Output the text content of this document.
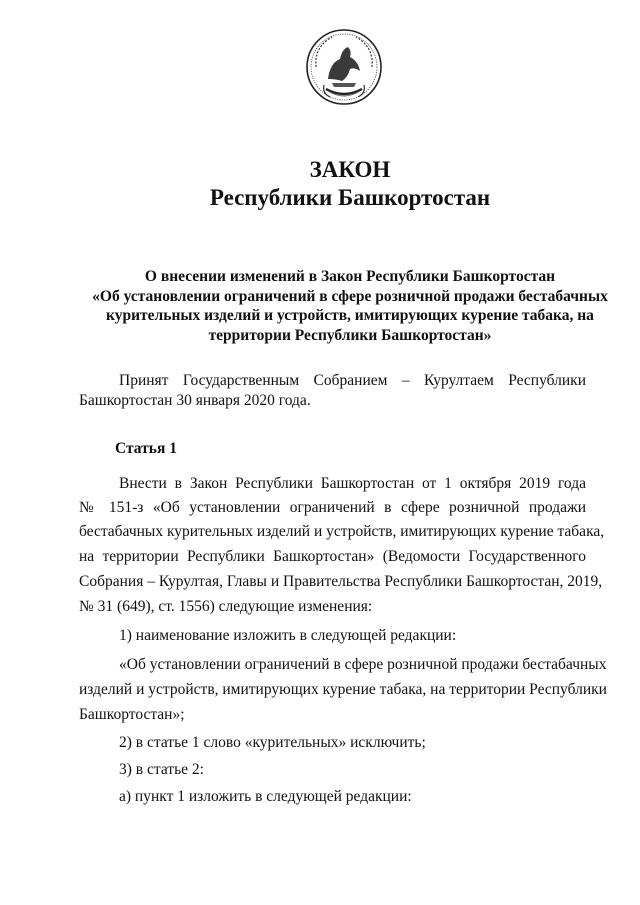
ЗАКОН
Республики Башкортостан
О внесении изменений в Закон Республики Башкортостан
«Об установлении ограничений в сфере розничной продажи бестабачных
курительных изделий и устройств, имитирующих курение табака, на
территории Республики Башкортостан»
Принят Государственным Собранием – Курултаем Республики
Башкортостан 30 января 2020 года.
Статья 1
Внести в Закон Республики Башкортостан от 1 октября 2019 года
№ 151-з «Об установлении ограничений в сфере розничной продажи
бестабачных курительных изделий и устройств, имитирующих курение табака,
на территории Республики Башкортостан» (Ведомости Государственного
Собрания – Курултая, Главы и Правительства Республики Башкортостан, 2019,
№ 31 (649), ст. 1556) следующие изменения:
1) наименование изложить в следующей редакции:
«Об установлении ограничений в сфере розничной продажи бестабачных
изделий и устройств, имитирующих курение табака, на территории Республики
Башкортостан»;
2) в статье 1 слово «курительных» исключить;
3) в статье 2:
а) пункт 1 изложить в следующей редакции:
